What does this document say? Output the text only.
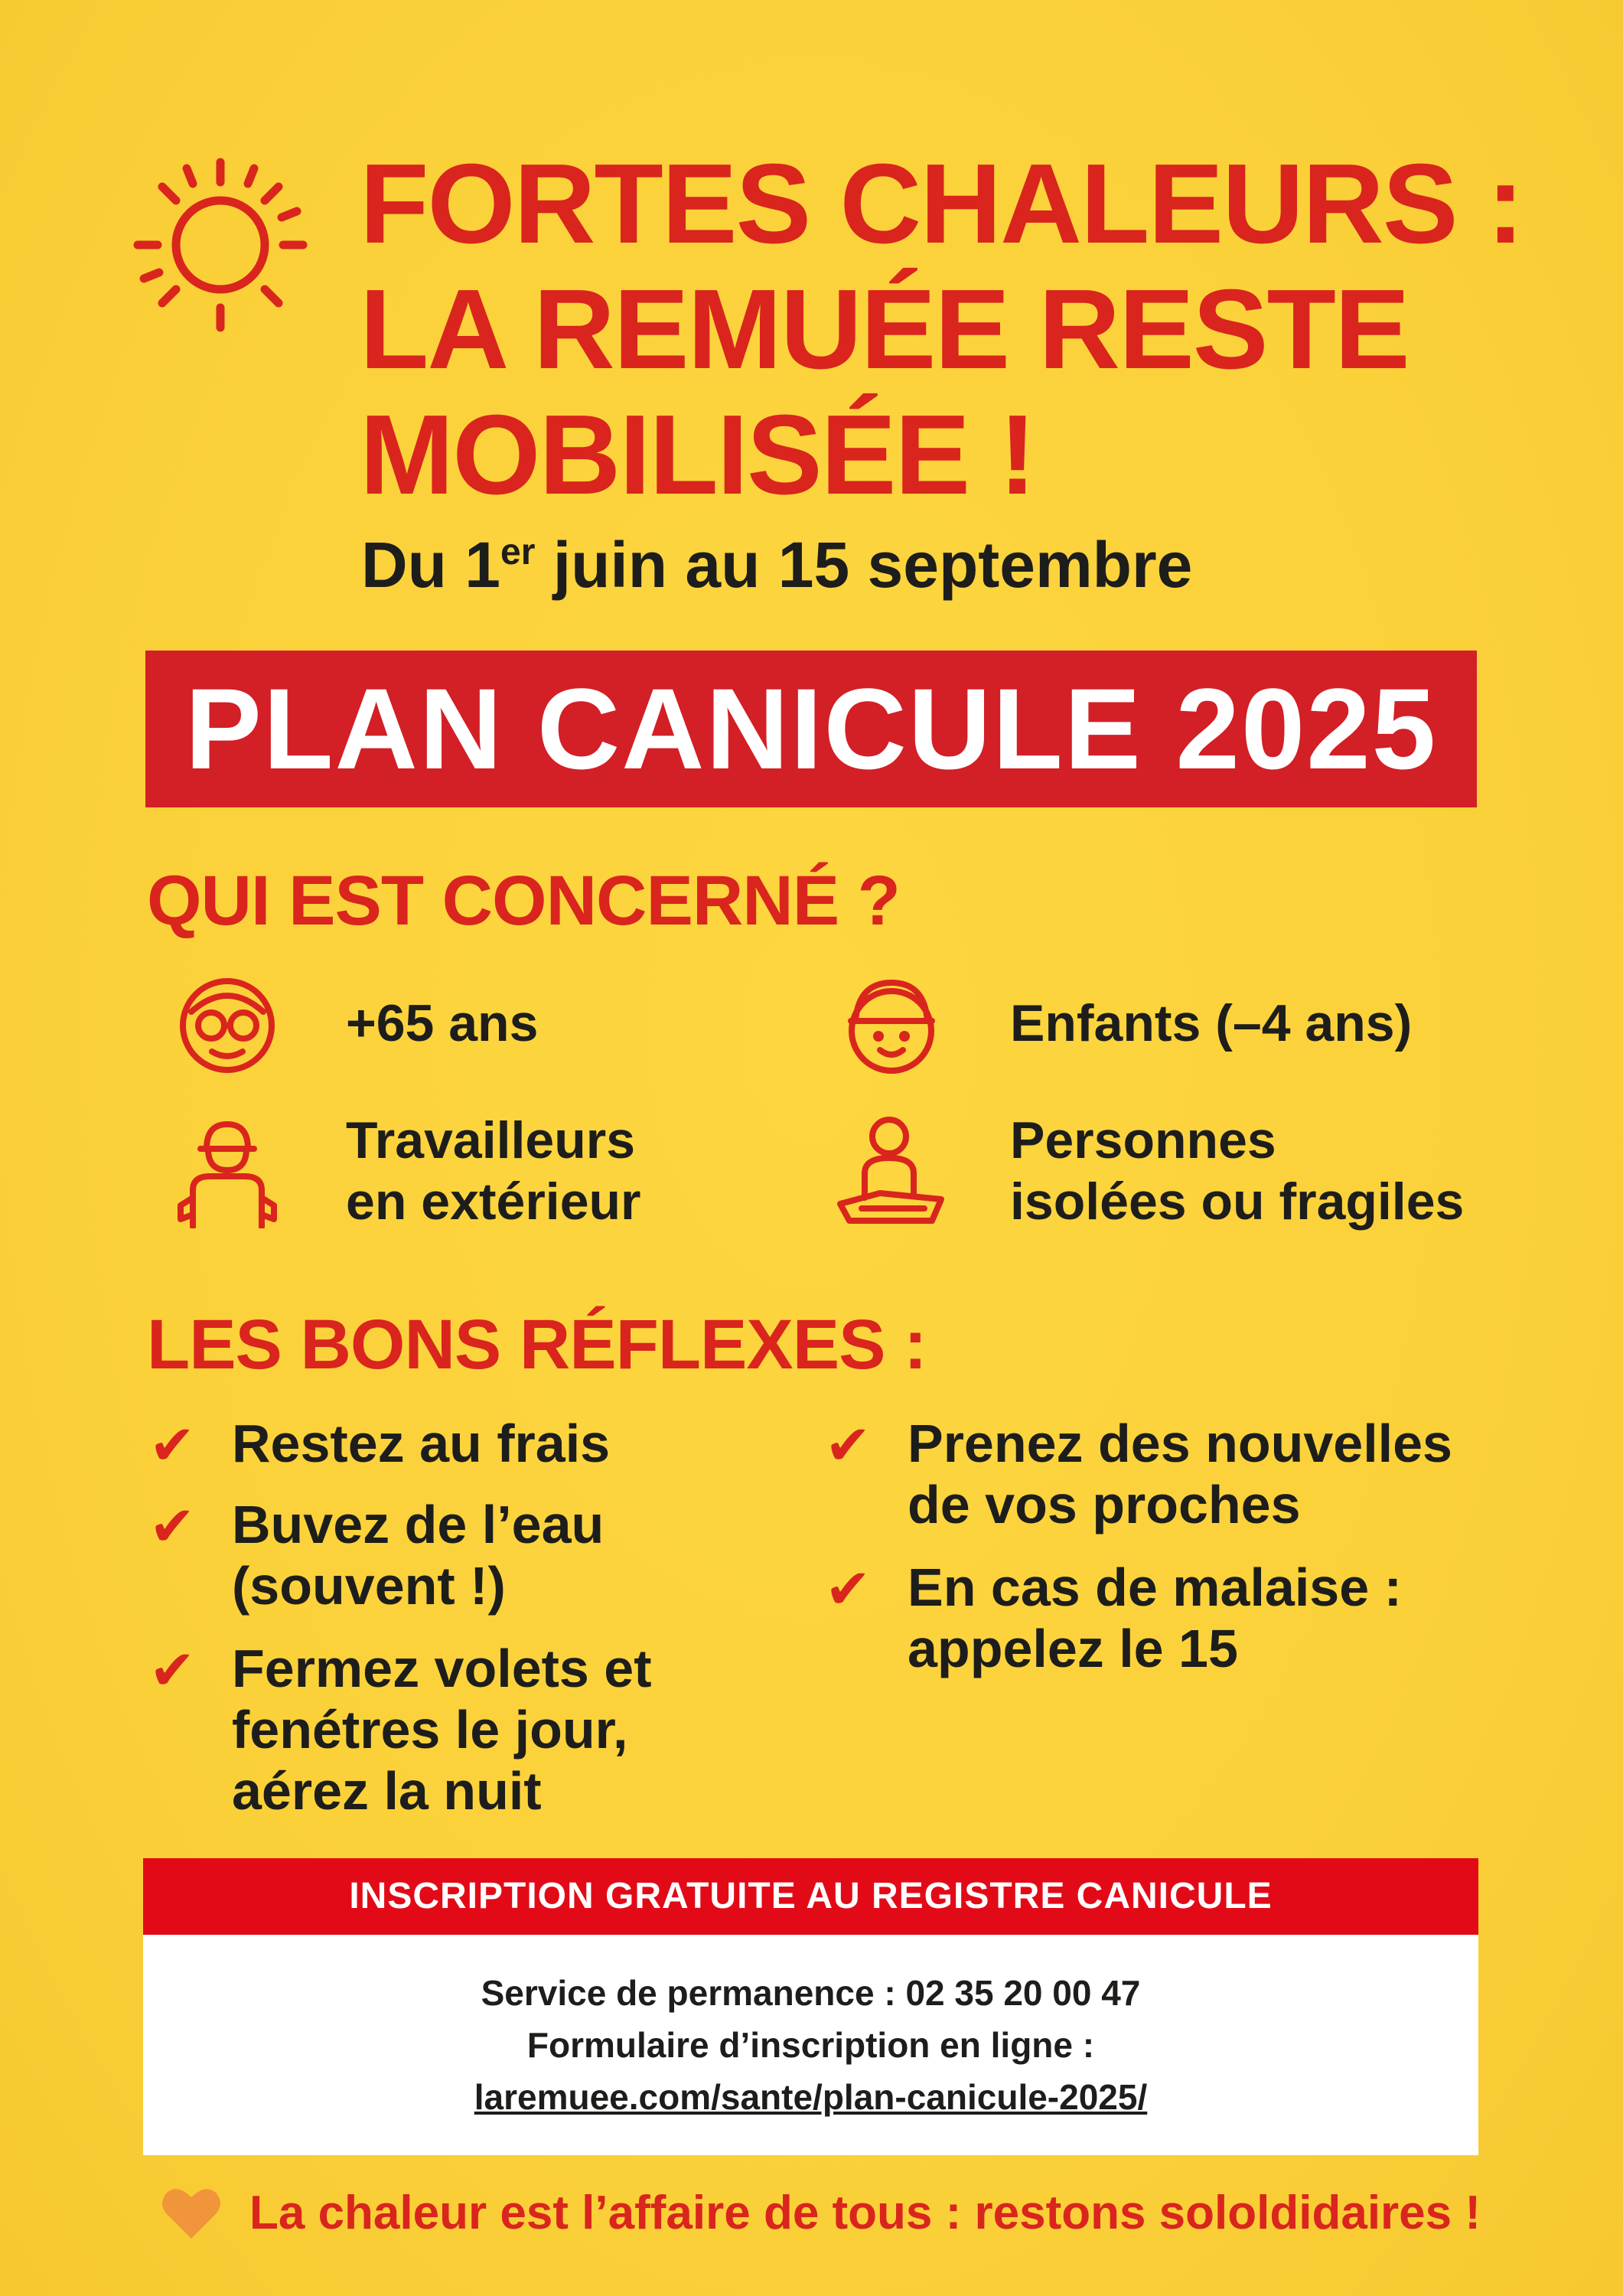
FORTES CHALEURS :
LA REMUÉE RESTE
MOBILISÉE !
Du 1er juin au 15 septembre
PLAN CANICULE 2025
QUI EST CONCERNÉ ?
+65 ans	Enfants (–4 ans)
Travailleurs
en extérieur
Personnes
isolées ou fragiles
LES BONS RÉFLEXES :
✔ Restez au frais
✔ Buvez de l’eau
(souvent !)
✔ Fermez volets et
fenétres le jour,
aérez la nuit
✔ Prenez des nouvelles
de vos proches
✔ En cas de malaise :
appelez le 15
INSCRIPTION GRATUITE AU REGISTRE CANICULE
Service de permanence : 02 35 20 00 47
Formulaire d’inscription en ligne :
laremuee.com/sante/plan-canicule-2025/
La chaleur est l’affaire de tous : restons sololdidaires !
